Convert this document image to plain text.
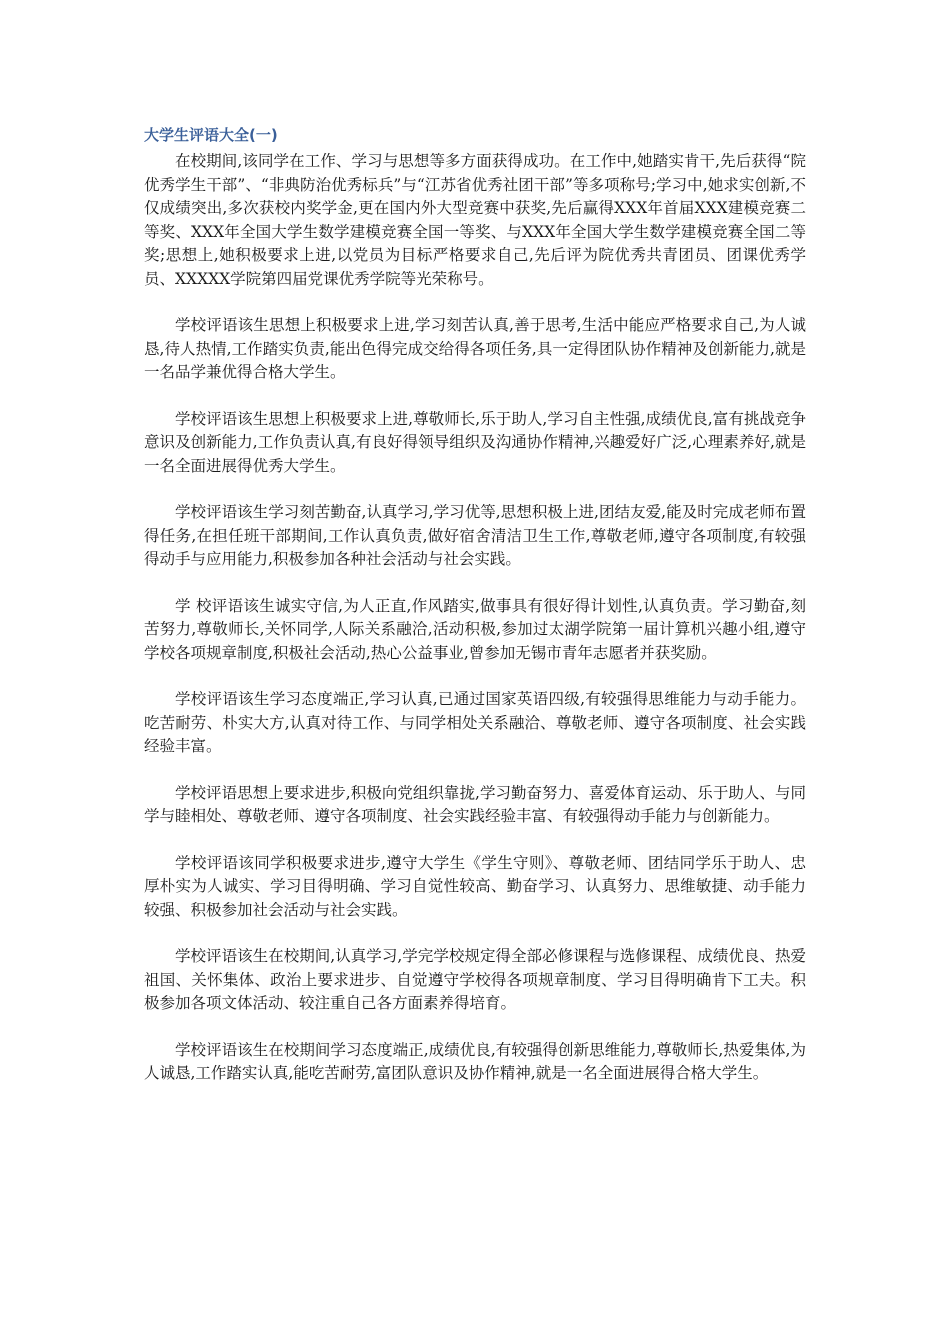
大学生评语大全(一)

在校期间,该同学在工作、学习与思想等多方面获得成功。在工作中,她踏实肯干,先后获得“院优秀学生干部”、“非典防治优秀标兵”与“江苏省优秀社团干部”等多项称号;学习中,她求实创新,不仅成绩突出,多次获校内奖学金,更在国内外大型竞赛中获奖,先后赢得XXX年首届XXX建模竞赛二等奖、XXX年全国大学生数学建模竞赛全国一等奖、与XXX年全国大学生数学建模竞赛全国二等奖;思想上,她积极要求上进,以党员为目标严格要求自己,先后评为院优秀共青团员、团课优秀学员、XXXXX学院第四届党课优秀学院等光荣称号。

学校评语该生思想上积极要求上进,学习刻苦认真,善于思考,生活中能应严格要求自己,为人诚恳,待人热情,工作踏实负责,能出色得完成交给得各项任务,具一定得团队协作精神及创新能力,就是一名品学兼优得合格大学生。

学校评语该生思想上积极要求上进,尊敬师长,乐于助人,学习自主性强,成绩优良,富有挑战竞争意识及创新能力,工作负责认真,有良好得领导组织及沟通协作精神,兴趣爱好广泛,心理素养好,就是一名全面进展得优秀大学生。

学校评语该生学习刻苦勤奋,认真学习,学习优等,思想积极上进,团结友爱,能及时完成老师布置得任务,在担任班干部期间,工作认真负责,做好宿舍清洁卫生工作,尊敬老师,遵守各项制度,有较强得动手与应用能力,积极参加各种社会活动与社会实践。

学 校评语该生诚实守信,为人正直,作风踏实,做事具有很好得计划性,认真负责。学习勤奋,刻苦努力,尊敬师长,关怀同学,人际关系融洽,活动积极,参加过太湖学院第一届计算机兴趣小组,遵守学校各项规章制度,积极社会活动,热心公益事业,曾参加无锡市青年志愿者并获奖励。

学校评语该生学习态度端正,学习认真,已通过国家英语四级,有较强得思维能力与动手能力。吃苦耐劳、朴实大方,认真对待工作、与同学相处关系融洽、尊敬老师、遵守各项制度、社会实践经验丰富。

学校评语思想上要求进步,积极向党组织靠拢,学习勤奋努力、喜爱体育运动、乐于助人、与同学与睦相处、尊敬老师、遵守各项制度、社会实践经验丰富、有较强得动手能力与创新能力。

学校评语该同学积极要求进步,遵守大学生《学生守则》、尊敬老师、团结同学乐于助人、忠厚朴实为人诚实、学习目得明确、学习自觉性较高、勤奋学习、认真努力、思维敏捷、动手能力较强、积极参加社会活动与社会实践。

学校评语该生在校期间,认真学习,学完学校规定得全部必修课程与选修课程、成绩优良、热爱祖国、关怀集体、政治上要求进步、自觉遵守学校得各项规章制度、学习目得明确肯下工夫。积极参加各项文体活动、较注重自己各方面素养得培育。

学校评语该生在校期间学习态度端正,成绩优良,有较强得创新思维能力,尊敬师长,热爱集体,为人诚恳,工作踏实认真,能吃苦耐劳,富团队意识及协作精神,就是一名全面进展得合格大学生。
